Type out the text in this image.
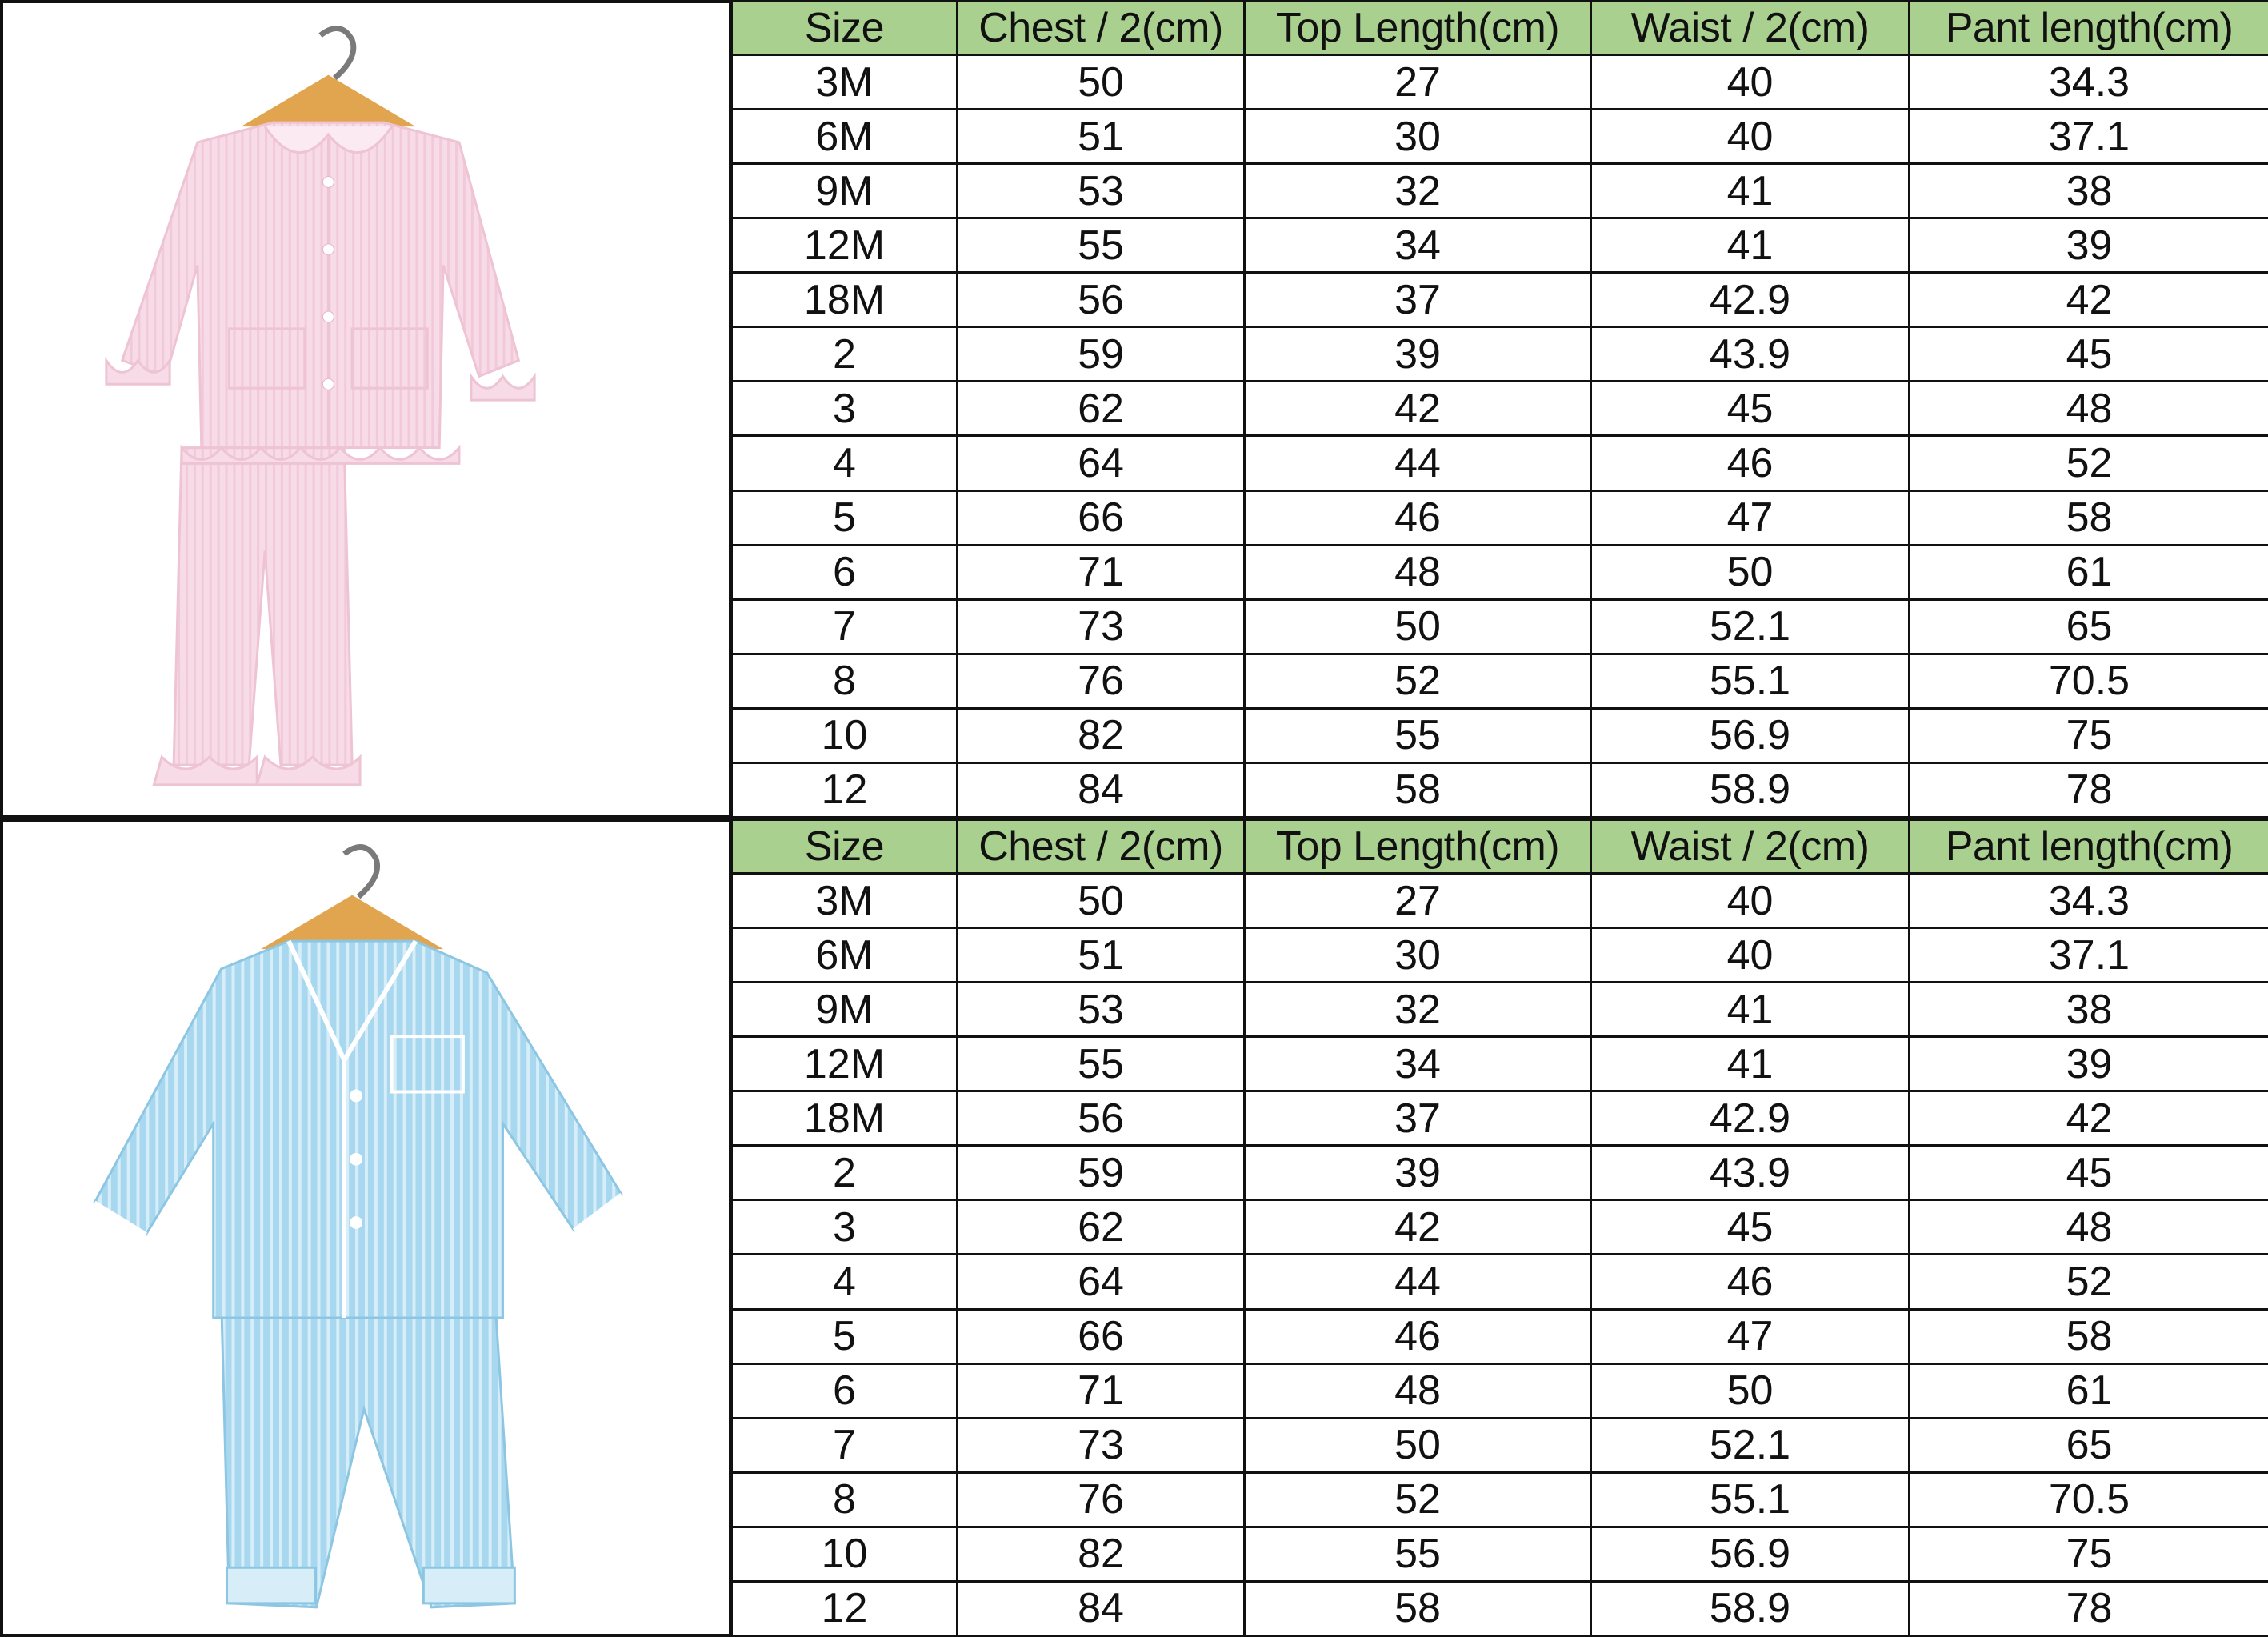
Size	Chest / 2(cm)	Top Length(cm)	Waist / 2(cm)	Pant length(cm)
3M	50	27	40	34.3
6M	51	30	40	37.1
9M	53	32	41	38
12M	55	34	41	39
18M	56	37	42.9	42
2	59	39	43.9	45
3	62	42	45	48
4	64	44	46	52
5	66	46	47	58
6	71	48	50	61
7	73	50	52.1	65
8	76	52	55.1	70.5
10	82	55	56.9	75
12	84	58	58.9	78
Size	Chest / 2(cm)	Top Length(cm)	Waist / 2(cm)	Pant length(cm)
3M	50	27	40	34.3
6M	51	30	40	37.1
9M	53	32	41	38
12M	55	34	41	39
18M	56	37	42.9	42
2	59	39	43.9	45
3	62	42	45	48
4	64	44	46	52
5	66	46	47	58
6	71	48	50	61
7	73	50	52.1	65
8	76	52	55.1	70.5
10	82	55	56.9	75
12	84	58	58.9	78
